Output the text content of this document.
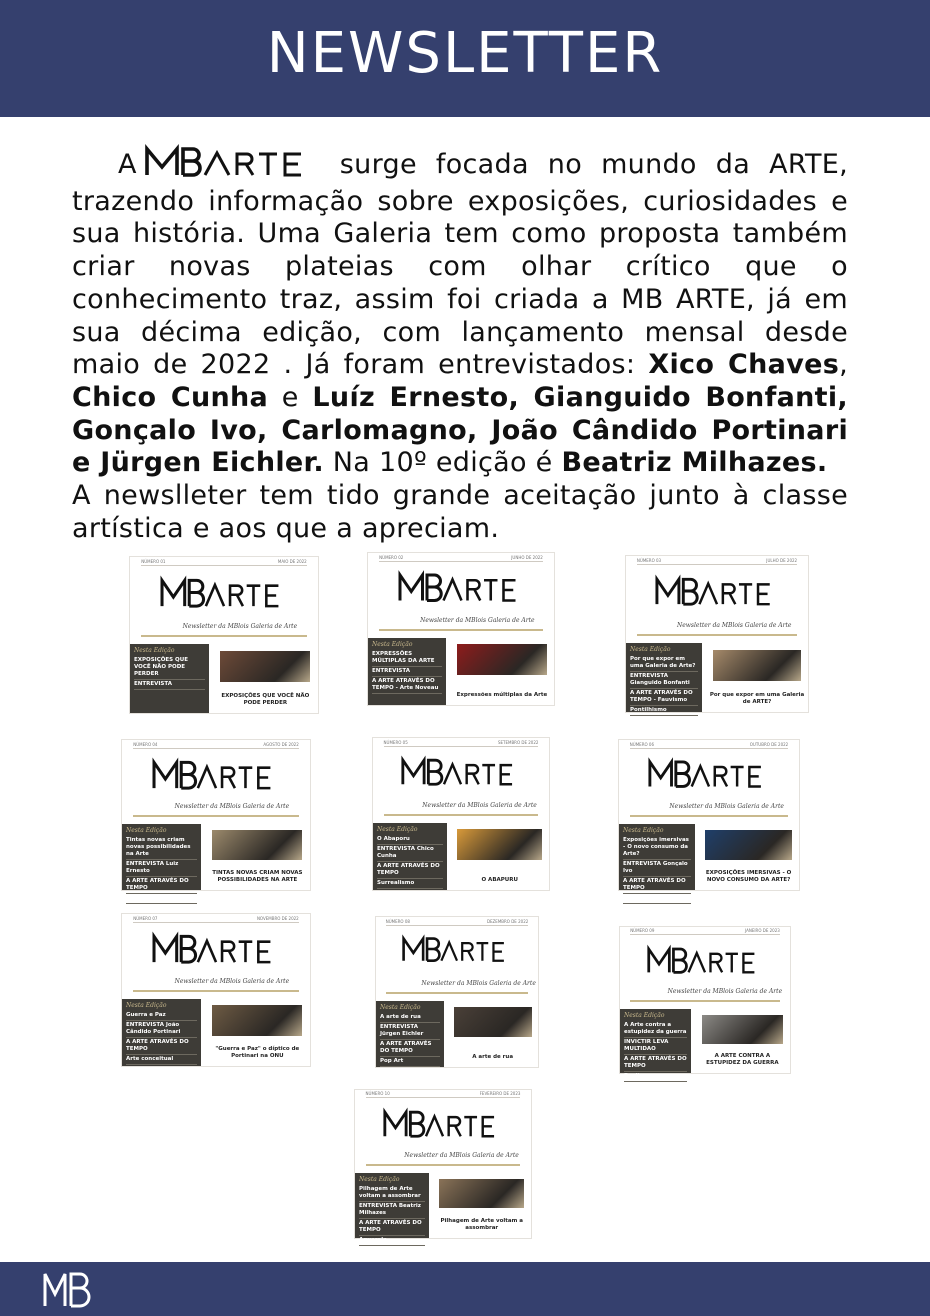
NEWSLETTER

A	surge focada no mundo da ARTE, trazendo informação sobre exposições, curiosidades e sua história. Uma Galeria tem como proposta também criar novas plateias com olhar crítico que o conhecimento traz, assim foi criada a MB ARTE, já em sua décima edição, com lançamento mensal desde maio de 2022 . Já foram entrevistados: Xico Chaves, Chico Cunha e Luíz Ernesto, Gianguido Bonfanti, Gonçalo Ivo, Carlomagno, João Cândido Portinari e Jürgen Eichler. Na 10º edição é Beatriz Milhazes.

A newslleter tem tido grande aceitação junto à classe artística e aos que a apreciam.

NÚMERO 01	MAIO DE 2022
Newsletter da MBlois Galeria de Arte
Nesta Edição
EXPOSIÇÕES QUE VOCÊ NÃO PODE PERDER
ENTREVISTA
EXPOSIÇÕES QUE VOCÊ NÃO PODE PERDER
NÚMERO 02	JUNHO DE 2022
Newsletter da MBlois Galeria de Arte
Nesta Edição
EXPRESSÕES MÚLTIPLAS DA ARTE
ENTREVISTA
A ARTE ATRAVÉS DO TEMPO - Arte Noveau
Expressões múltiplas da Arte
NÚMERO 03	JULHO DE 2022
Newsletter da MBlois Galeria de Arte
Nesta Edição
Por que expor em uma Galeria de Arte?
ENTREVISTA Gianguido Bonfanti
A ARTE ATRAVÉS DO TEMPO - Fauvismo
Pontilhismo
Por que expor em uma Galeria de ARTE?
NÚMERO 04	AGOSTO DE 2022
Newsletter da MBlois Galeria de Arte
Nesta Edição
Tintas novas criam novas possibilidades na Arte
ENTREVISTA Luiz Ernesto
A ARTE ATRAVÉS DO TEMPO
Impressionismo
TINTAS NOVAS CRIAM NOVAS POSSIBILIDADES NA ARTE
NÚMERO 05	SETEMBRO DE 2022
Newsletter da MBlois Galeria de Arte
Nesta Edição
O Abaporu
ENTREVISTA Chico Cunha
A ARTE ATRAVÉS DO TEMPO
Surrealismo
O ABAPURU
NÚMERO 06	OUTUBRO DE 2022
Newsletter da MBlois Galeria de Arte
Nesta Edição
Exposições imersivas - O novo consumo da Arte?
ENTREVISTA Gonçalo Ivo
A ARTE ATRAVÉS DO TEMPO
Pop Art
EXPOSIÇÕES IMERSIVAS - O NOVO CONSUMO DA ARTE?
NÚMERO 07	NOVEMBRO DE 2022
Newsletter da MBlois Galeria de Arte
Nesta Edição
Guerra e Paz
ENTREVISTA João Cândido Portinari
A ARTE ATRAVÉS DO TEMPO
Arte conceitual
"Guerra e Paz" o díptico de Portinari na ONU
NÚMERO 08	DEZEMBRO DE 2022
Newsletter da MBlois Galeria de Arte
Nesta Edição
A arte de rua
ENTREVISTA Jürgen Eichler
A ARTE ATRAVÉS DO TEMPO
Pop Art
A arte de rua
NÚMERO 09	JANEIRO DE 2023
Newsletter da MBlois Galeria de Arte
Nesta Edição
A Arte contra a estupidez da guerra
INVICTIR LEVA MULTIDAO
A ARTE ATRAVÉS DO TEMPO
Realismo
A ARTE CONTRA A ESTUPIDEZ DA GUERRA
NÚMERO 10	FEVEREIRO DE 2023
Newsletter da MBlois Galeria de Arte
Nesta Edição
Pilhagem de Arte voltam a assombrar
ENTREVISTA Beatriz Milhazes
A ARTE ATRAVÉS DO TEMPO
Aquarela
Pilhagem de Arte voltam a assombrar
